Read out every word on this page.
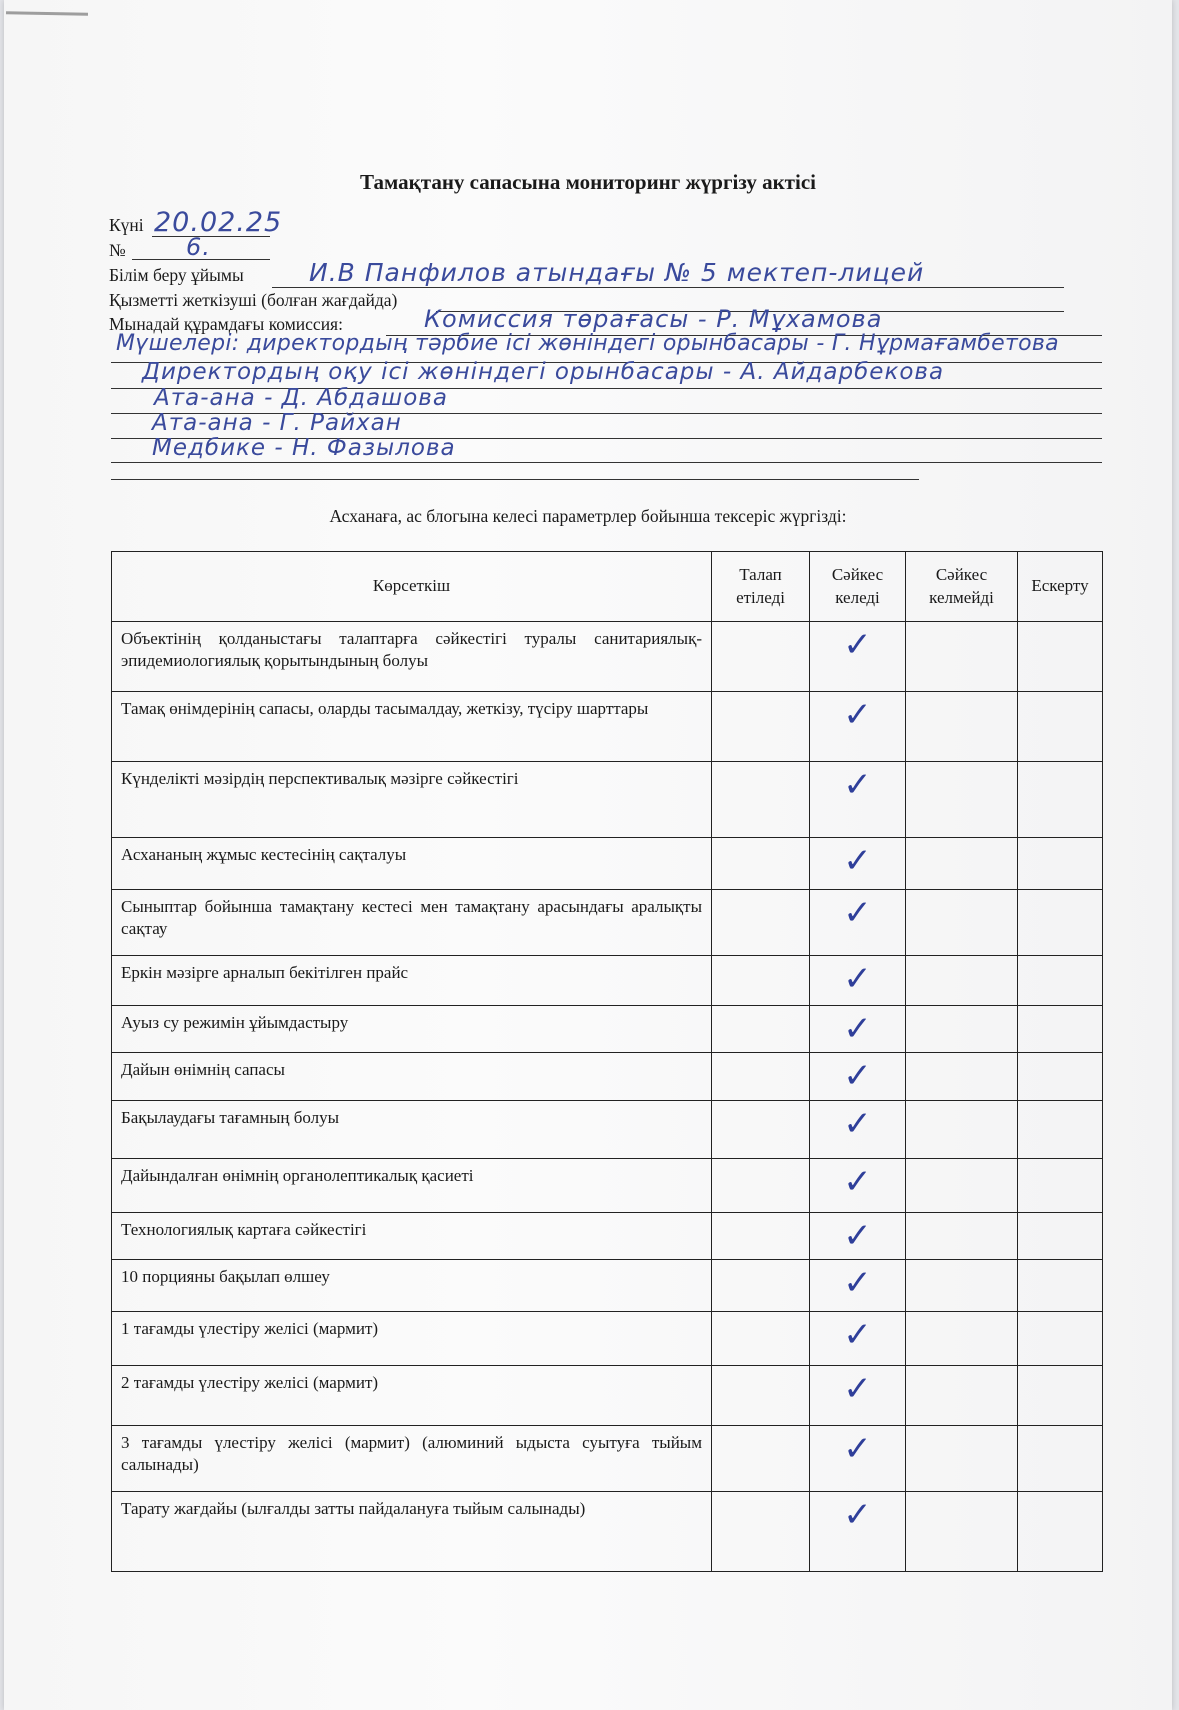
Тамақтану сапасына мониторинг жүргізу актісі
Күні 20.02.25
№	6.
Білім беру ұйымы	И.В Панфилов атындағы № 5 мектеп-лицей
Қызметті жеткізуші (болған жағдайда)
Мынадай құрамдағы комиссия:	Комиссия төрағасы - Р. Мұхамова
Мүшелері: директордың тәрбие ісі жөніндегі орынбасары - Г. Нұрмағамбетова
Директордың оқу ісі жөніндегі орынбасары - А. Айдарбекова
Ата-ана - Д. Абдашова
Ата-ана - Г. Райхан
Медбике - Н. Фазылова
Асханаға, ас блогына келесі параметрлер бойынша тексеріс жүргізді:
Көрсеткіш	Талап етіледі	Сәйкес келеді	Сәйкес келмейді	Ескерту
Объектінің қолданыстағы талаптарға сәйкестігі туралы санитариялық-эпидемиологиялық қорытындының болуы		✓		

Тамақ өнімдерінің сапасы, оларды тасымалдау, жеткізу, түсіру шарттары		✓		

Күнделікті мәзірдің перспективалық мәзірге сәйкестігі		✓		

Асхананың жұмыс кестесінің сақталуы		✓		

Сыныптар бойынша тамақтану кестесі мен тамақтану арасындағы аралықты сақтау		✓		

Еркін мәзірге арналып бекітілген прайс		✓		

Ауыз су режимін ұйымдастыру		✓		

Дайын өнімнің сапасы		✓		

Бақылаудағы тағамның болуы		✓		

Дайындалған өнімнің органолептикалық қасиеті		✓		

Технологиялық картаға сәйкестігі		✓		

10 порцияны бақылап өлшеу		✓		

1 тағамды үлестіру желісі (мармит)		✓		

2 тағамды үлестіру желісі (мармит)		✓		

3 тағамды үлестіру желісі (мармит) (алюминий ыдыста суытуға тыйым салынады)		✓		

Тарату жағдайы (ылғалды затты пайдалануға тыйым салынады)		✓		
